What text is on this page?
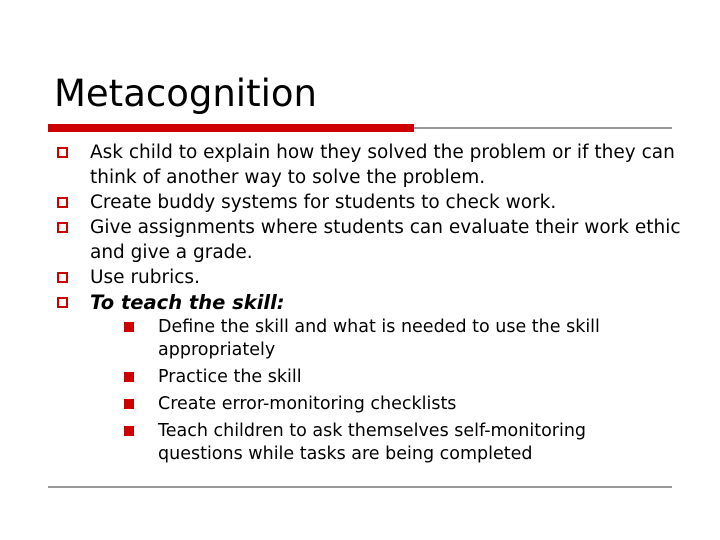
Metacognition
Ask child to explain how they solved the problem or if they can think of another way to solve the problem.
Create buddy systems for students to check work.
Give assignments where students can evaluate their work ethic and give a grade.
Use rubrics.
To teach the skill:
Define the skill and what is needed to use the skill appropriately
Practice the skill
Create error-monitoring checklists
Teach children to ask themselves self-monitoring questions while tasks are being completed
